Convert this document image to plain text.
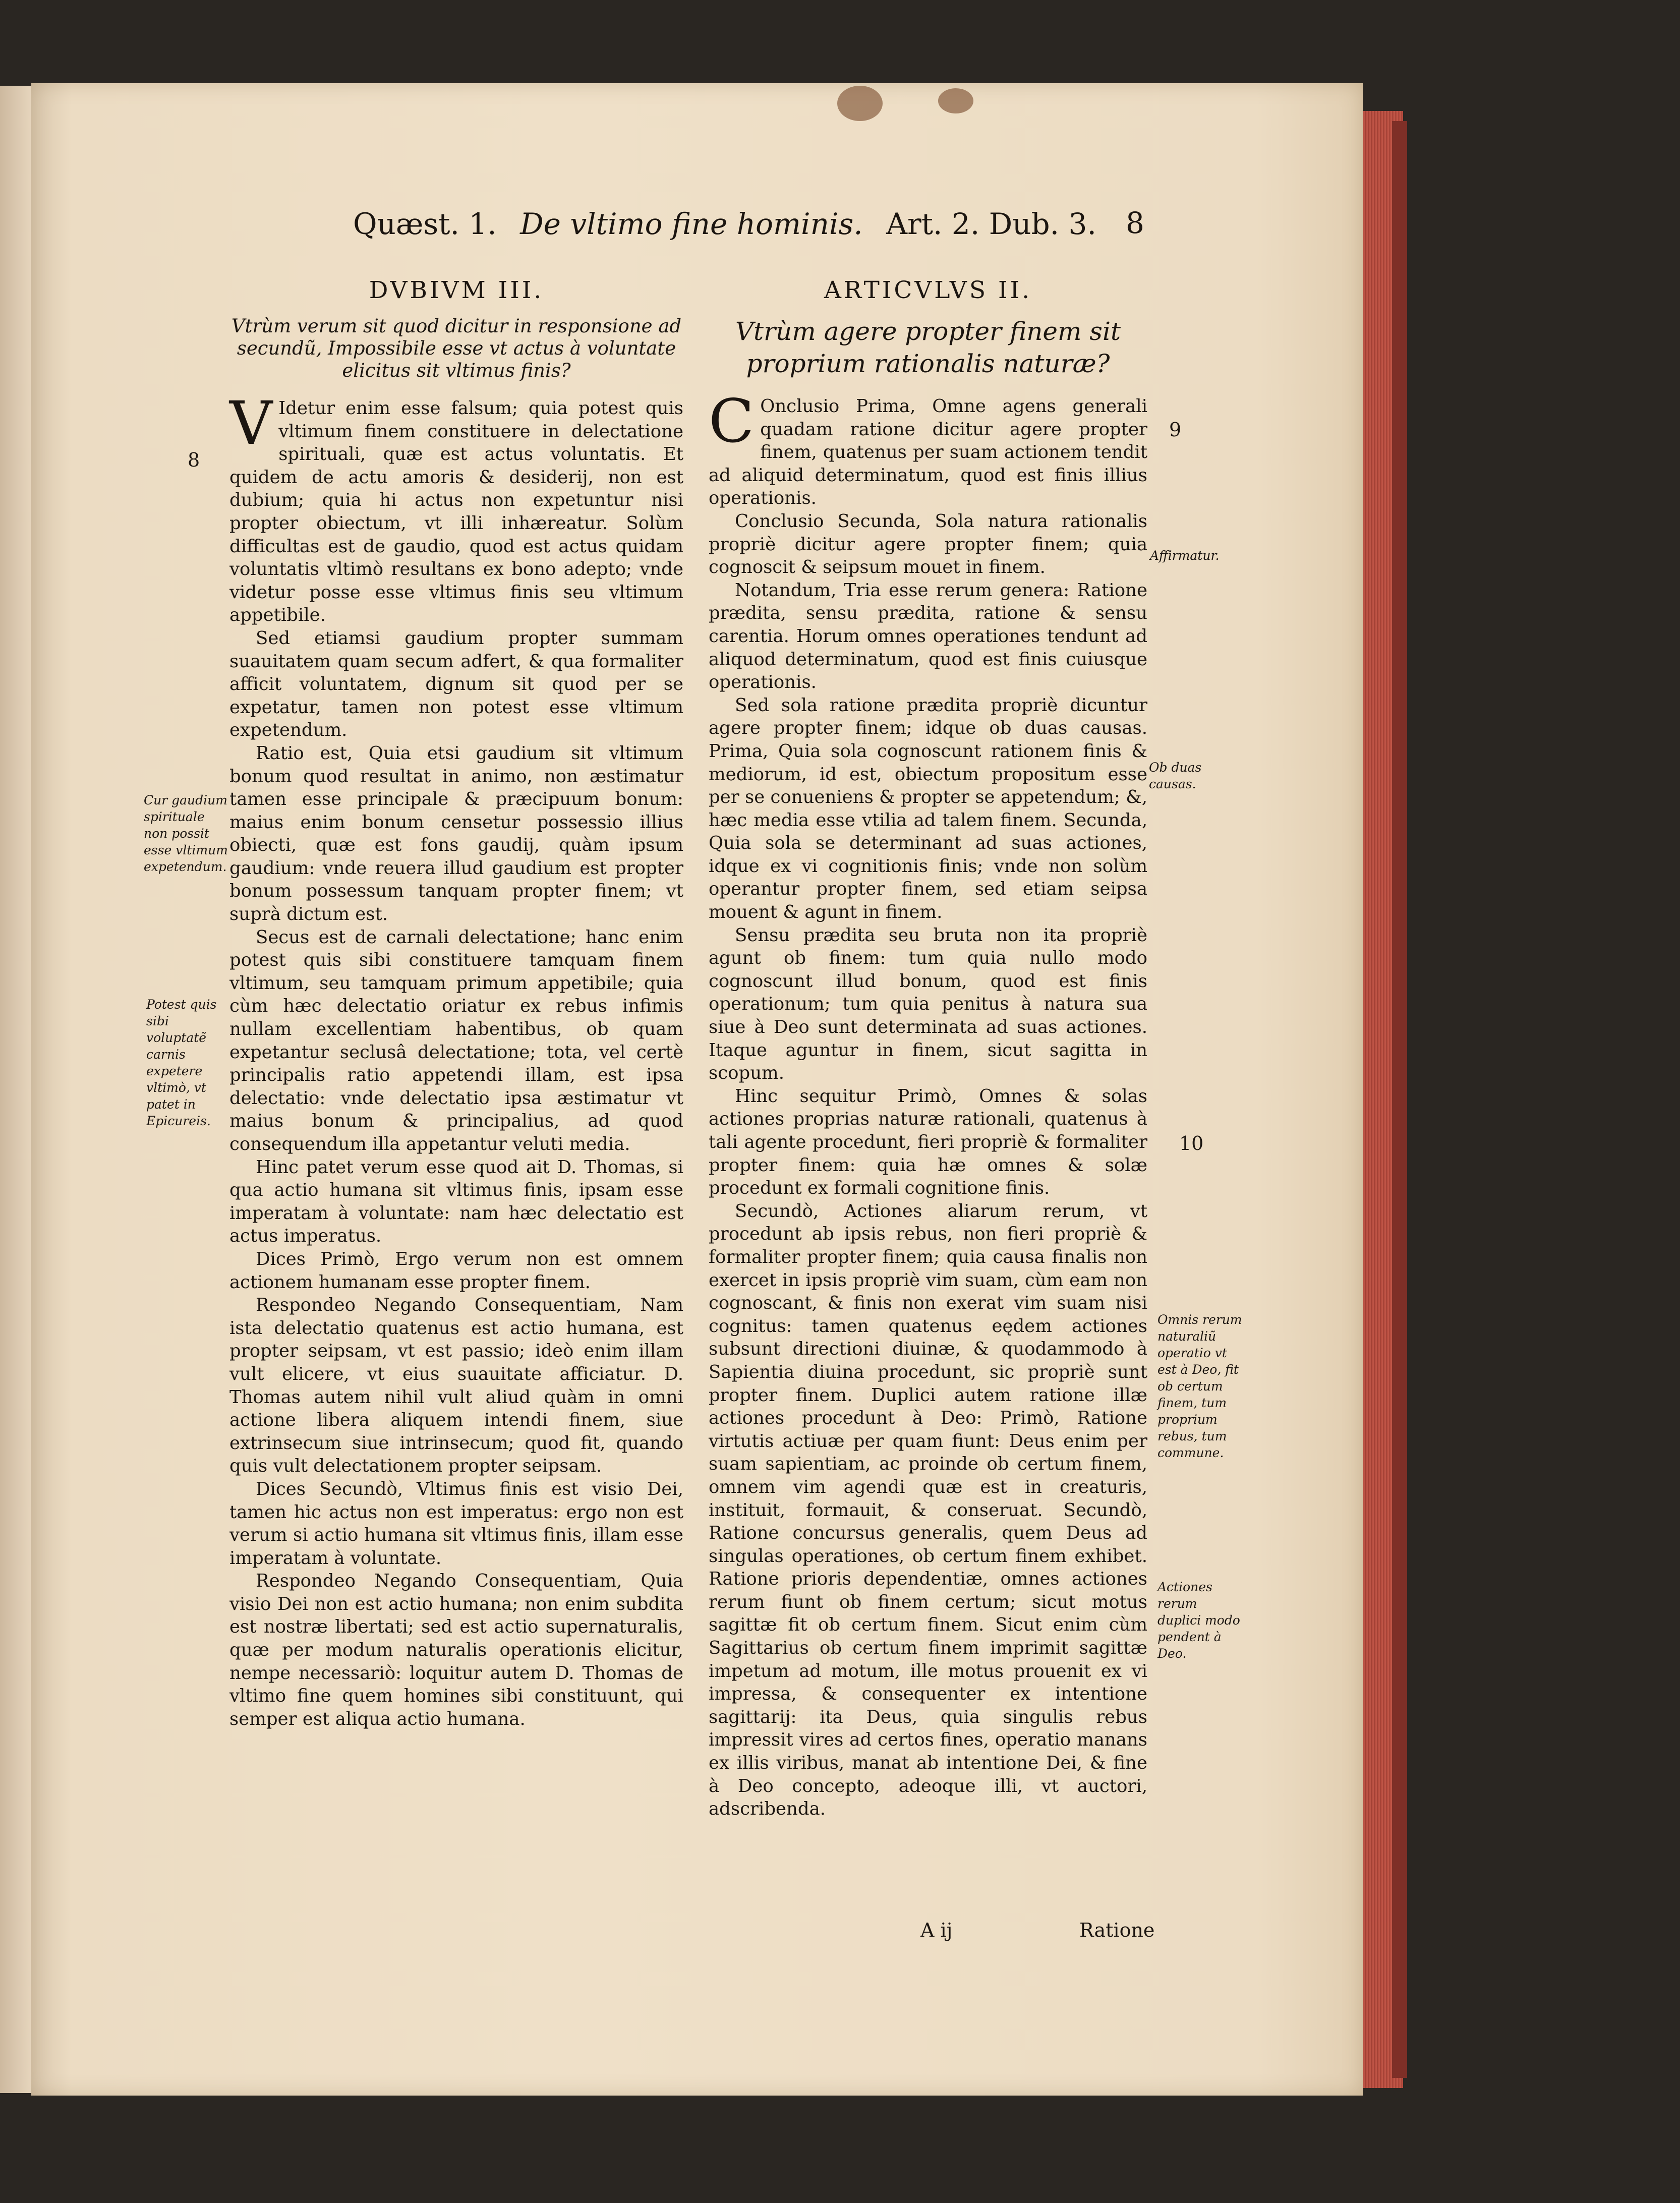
Quæst. 1. De vltimo fine hominis. Art. 2. Dub. 3. 8
DVBIVM III.
Vtrùm verum sit quod dicitur in responsione ad secundũ, Impossibile esse vt actus à voluntate elicitus sit vltimus finis?

V Idetur enim esse falsum; quia potest quis vltimum finem constituere in delectatione spirituali, quæ est actus voluntatis. Et quidem de actu amoris & desiderij, non est dubium; quia hi actus non expetuntur nisi propter obiectum, vt illi inhæreatur. Solùm difficultas est de gaudio, quod est actus quidam voluntatis vltimò resultans ex bono adepto; vnde videtur posse esse vltimus finis seu vltimum appetibile.

Sed etiamsi gaudium propter summam suauitatem quam secum adfert, & qua formaliter afficit voluntatem, dignum sit quod per se expetatur, tamen non potest esse vltimum expetendum.

Ratio est, Quia etsi gaudium sit vltimum bonum quod resultat in animo, non æstimatur tamen esse principale & præcipuum bonum: maius enim bonum censetur possessio illius obiecti, quæ est fons gaudij, quàm ipsum gaudium: vnde reuera illud gaudium est propter bonum possessum tanquam propter finem; vt suprà dictum est.

Secus est de carnali delectatione; hanc enim potest quis sibi constituere tamquam finem vltimum, seu tamquam primum appetibile; quia cùm hæc delectatio oriatur ex rebus infimis nullam excellentiam habentibus, ob quam expetantur seclusâ delectatione; tota, vel certè principalis ratio appetendi illam, est ipsa delectatio: vnde delectatio ipsa æstimatur vt maius bonum & principalius, ad quod consequendum illa appetantur veluti media.

Hinc patet verum esse quod ait D. Thomas, si qua actio humana sit vltimus finis, ipsam esse imperatam à voluntate: nam hæc delectatio est actus imperatus.

Dices Primò, Ergo verum non est omnem actionem humanam esse propter finem.

Respondeo Negando Consequentiam, Nam ista delectatio quatenus est actio humana, est propter seipsam, vt est passio; ideò enim illam vult elicere, vt eius suauitate afficiatur. D. Thomas autem nihil vult aliud quàm in omni actione libera aliquem intendi finem, siue extrinsecum siue intrinsecum; quod fit, quando quis vult delectationem propter seipsam.

Dices Secundò, Vltimus finis est visio Dei, tamen hic actus non est imperatus: ergo non est verum si actio humana sit vltimus finis, illam esse imperatam à voluntate.

Respondeo Negando Consequentiam, Quia visio Dei non est actio humana; non enim subdita est nostræ libertati; sed est actio supernaturalis, quæ per modum naturalis operationis elicitur, nempe necessariò: loquitur autem D. Thomas de vltimo fine quem homines sibi constituunt, qui semper est aliqua actio humana.

ARTICVLVS II.
Vtrùm agere propter finem sit proprium rationalis naturæ?

C Onclusio Prima, Omne agens generali quadam ratione dicitur agere propter finem, quatenus per suam actionem tendit ad aliquid determinatum, quod est finis illius operationis.

Conclusio Secunda, Sola natura rationalis propriè dicitur agere propter finem; quia cognoscit & seipsum mouet in finem.

Notandum, Tria esse rerum genera: Ratione prædita, sensu prædita, ratione & sensu carentia. Horum omnes operationes tendunt ad aliquod determinatum, quod est finis cuiusque operationis.

Sed sola ratione prædita propriè dicuntur agere propter finem; idque ob duas causas. Prima, Quia sola cognoscunt rationem finis & mediorum, id est, obiectum propositum esse per se conueniens & propter se appetendum; &, hæc media esse vtilia ad talem finem. Secunda, Quia sola se determinant ad suas actiones, idque ex vi cognitionis finis; vnde non solùm operantur propter finem, sed etiam seipsa mouent & agunt in finem.

Sensu prædita seu bruta non ita propriè agunt ob finem: tum quia nullo modo cognoscunt illud bonum, quod est finis operationum; tum quia penitus à natura sua siue à Deo sunt determinata ad suas actiones. Itaque aguntur in finem, sicut sagitta in scopum.

Hinc sequitur Primò, Omnes & solas actiones proprias naturæ rationali, quatenus à tali agente procedunt, fieri propriè & formaliter propter finem: quia hæ omnes & solæ procedunt ex formali cognitione finis.

Secundò, Actiones aliarum rerum, vt procedunt ab ipsis rebus, non fieri propriè & formaliter propter finem; quia causa finalis non exercet in ipsis propriè vim suam, cùm eam non cognoscant, & finis non exerat vim suam nisi cognitus: tamen quatenus eędem actiones subsunt directioni diuinæ, & quodammodo à Sapientia diuina procedunt, sic propriè sunt propter finem. Duplici autem ratione illæ actiones procedunt à Deo: Primò, Ratione virtutis actiuæ per quam fiunt: Deus enim per suam sapientiam, ac proinde ob certum finem, omnem vim agendi quæ est in creaturis, instituit, formauit, & conseruat. Secundò, Ratione concursus generalis, quem Deus ad singulas operationes, ob certum finem exhibet. Ratione prioris dependentiæ, omnes actiones rerum fiunt ob finem certum; sicut motus sagittæ fit ob certum finem. Sicut enim cùm Sagittarius ob certum finem imprimit sagittæ impetum ad motum, ille motus prouenit ex vi impressa, & consequenter ex intentione sagittarij: ita Deus, quia singulis rebus impressit vires ad certos fines, operatio manans ex illis viribus, manat ab intentione Dei, & fine à Deo concepto, adeoque illi, vt auctori, adscribenda.

8
9
10
Cur gaudium spirituale non possit esse vltimum expetendum.
Potest quis sibi voluptatẽ carnis expetere vltimò, vt patet in Epicureis.
Affirmatur.
Ob duas causas.
Omnis rerum naturaliũ operatio vt est à Deo, fit ob certum finem, tum proprium rebus, tum commune.
Actiones rerum duplici modo pendent à Deo.
A ij	Ratione
